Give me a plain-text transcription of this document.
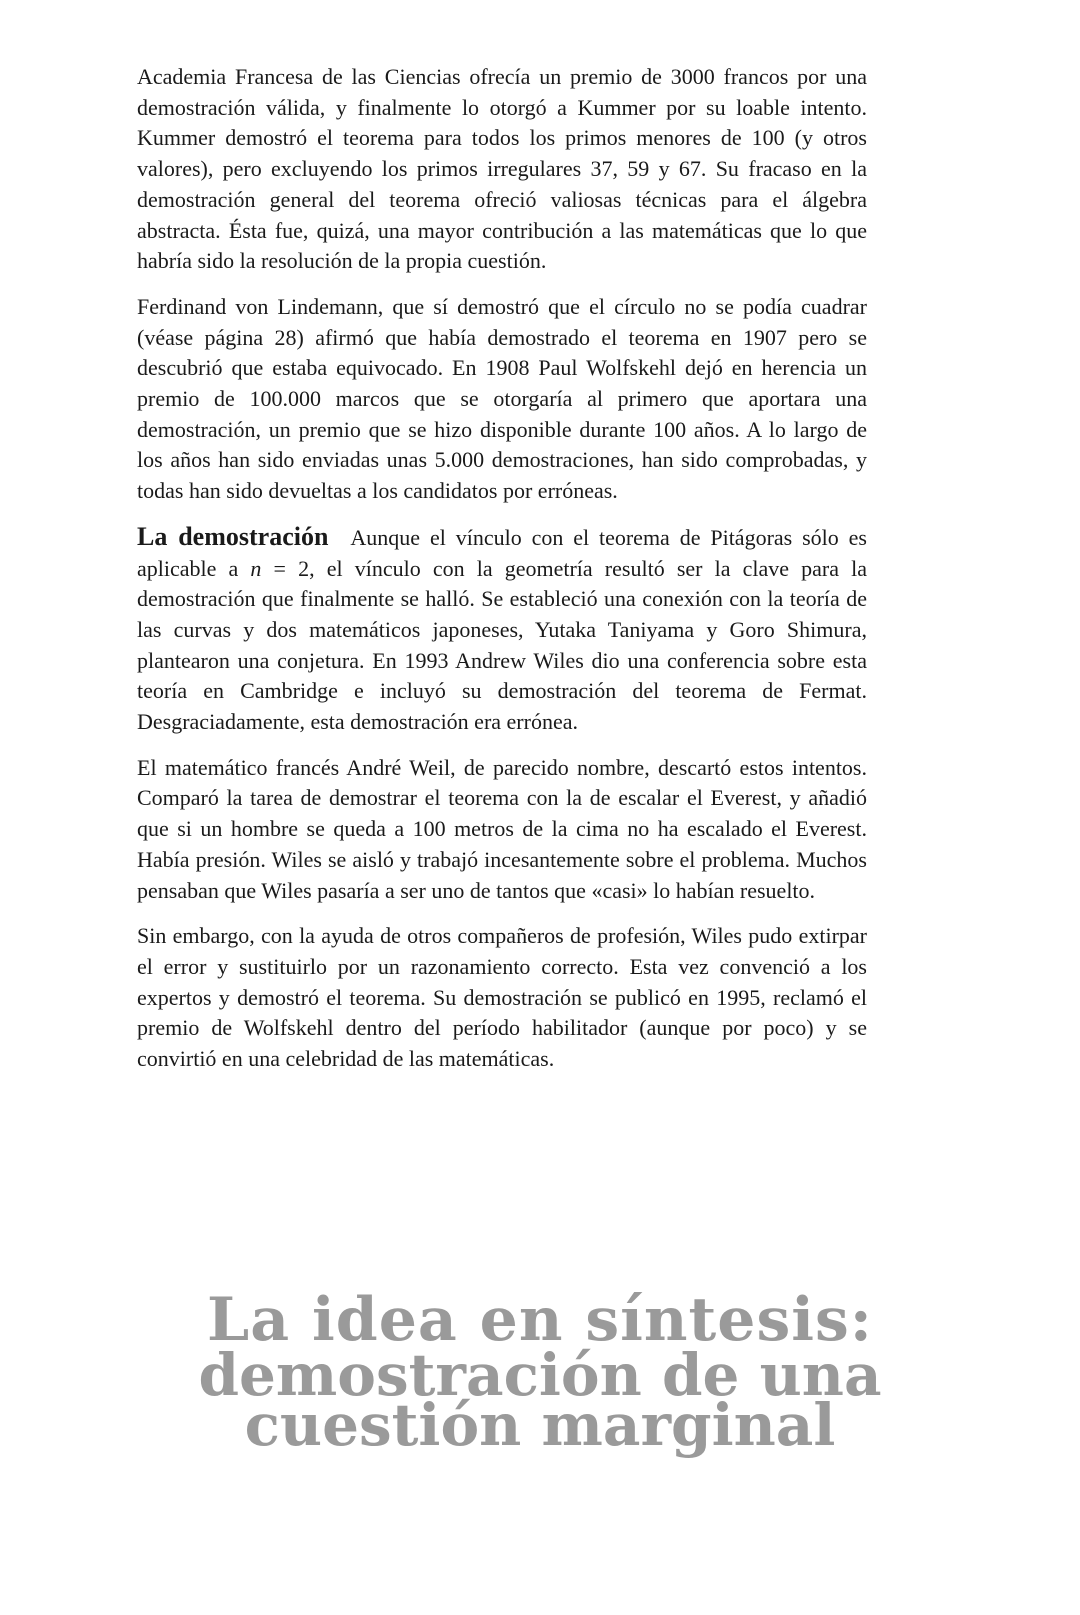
Academia Francesa de las Ciencias ofrecía un premio de 3000 francos por una demostración válida, y finalmente lo otorgó a Kummer por su loable intento. Kummer demostró el teorema para todos los primos menores de 100 (y otros valores), pero excluyendo los primos irregulares 37, 59 y 67. Su fracaso en la demostración general del teorema ofreció valiosas técnicas para el álgebra abstracta. Ésta fue, quizá, una mayor contribución a las matemáticas que lo que habría sido la resolución de la propia cuestión.

Ferdinand von Lindemann, que sí demostró que el círculo no se podía cuadrar (véase página 28) afirmó que había demostrado el teorema en 1907 pero se descubrió que estaba equivocado. En 1908 Paul Wolfskehl dejó en herencia un premio de 100.000 marcos que se otorgaría al primero que aportara una demostración, un premio que se hizo disponible durante 100 años. A lo largo de los años han sido enviadas unas 5.000 demostraciones, han sido comprobadas, y todas han sido devueltas a los candidatos por erróneas.

La demostración Aunque el vínculo con el teorema de Pitágoras sólo es aplicable a n = 2, el vínculo con la geometría resultó ser la clave para la demostración que finalmente se halló. Se estableció una conexión con la teoría de las curvas y dos matemáticos japoneses, Yutaka Taniyama y Goro Shimura, plantearon una conjetura. En 1993 Andrew Wiles dio una conferencia sobre esta teoría en Cambridge e incluyó su demostración del teorema de Fermat. Desgraciadamente, esta demostración era errónea.

El matemático francés André Weil, de parecido nombre, descartó estos intentos. Comparó la tarea de demostrar el teorema con la de escalar el Everest, y añadió que si un hombre se queda a 100 metros de la cima no ha escalado el Everest. Había presión. Wiles se aisló y trabajó incesantemente sobre el problema. Muchos pensaban que Wiles pasaría a ser uno de tantos que «casi» lo habían resuelto.

Sin embargo, con la ayuda de otros compañeros de profesión, Wiles pudo extirpar el error y sustituirlo por un razonamiento correcto. Esta vez convenció a los expertos y demostró el teorema. Su demostración se publicó en 1995, reclamó el premio de Wolfskehl dentro del período habilitador (aunque por poco) y se convirtió en una celebridad de las matemáticas.

La idea en síntesis:
demostración de una
cuestión marginal
